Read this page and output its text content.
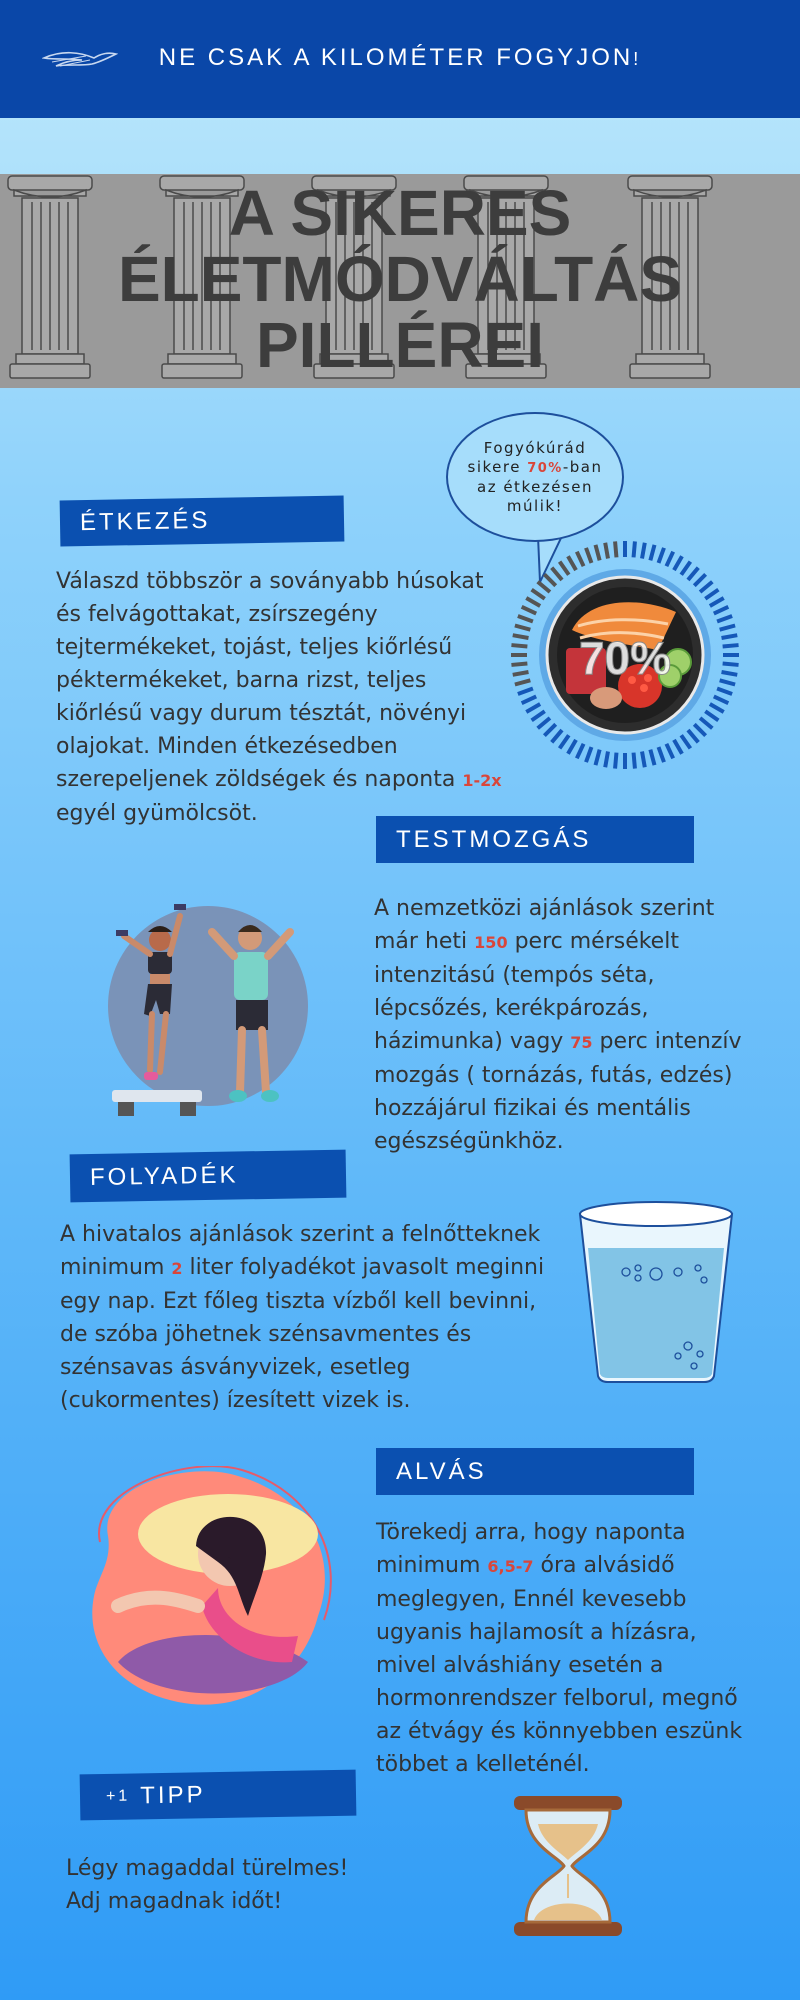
NE CSAK A KILOMÉTER FOGYJON!
A SIKERES
ÉLETMÓDVÁLTÁS
PILLÉREI
Fogyókúrád
sikere 70%-ban
az étkezésen
múlik!
70%
ÉTKEZÉS
Válaszd többször a soványabb húsokat és felvágottakat, zsírszegény tejtermékeket, tojást, teljes kiőrlésű péktermékeket, barna rizst, teljes kiőrlésű vagy durum tésztát, növényi olajokat. Minden étkezésedben szerepeljenek zöldségek és naponta 1-2x egyél gyümölcsöt.
TESTMOZGÁS
A nemzetközi ajánlások szerint már heti 150 perc mérsékelt intenzitású (tempós séta, lépcsőzés, kerékpározás, házimunka) vagy 75 perc intenzív mozgás ( tornázás, futás, edzés) hozzájárul fizikai és mentális egészségünkhöz.
FOLYADÉK
A hivatalos ajánlások szerint a felnőtteknek minimum 2 liter folyadékot javasolt meginni egy nap. Ezt főleg tiszta vízből kell bevinni, de szóba jöhetnek szénsavmentes és szénsavas ásványvizek, esetleg (cukormentes) ízesített vizek is.
ALVÁS
Törekedj arra, hogy naponta minimum 6,5-7 óra alvásidő meglegyen, Ennél kevesebb ugyanis hajlamosít a hízásra, mivel alváshiány esetén a hormonrendszer felborul, megnő az étvágy és könnyebben eszünk többet a kelleténél.
+1 TIPP
Légy magaddal türelmes!
Adj magadnak időt!
